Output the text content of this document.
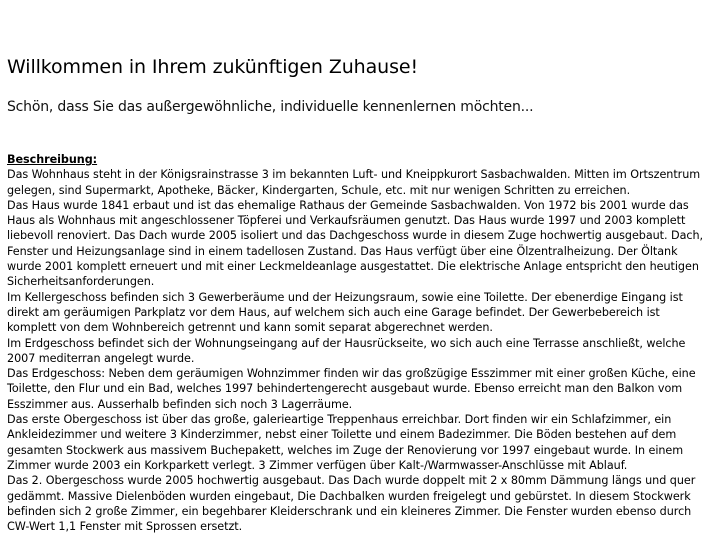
Willkommen in Ihrem zukünftigen Zuhause!
Schön, dass Sie das außergewöhnliche, individuelle kennenlernen möchten...
Beschreibung:
Das Wohnhaus steht in der Königsrainstrasse 3 im bekannten Luft- und Kneippkurort Sasbachwalden. Mitten im Ortszentrum
gelegen, sind Supermarkt, Apotheke, Bäcker, Kindergarten, Schule, etc. mit nur wenigen Schritten zu erreichen.
Das Haus wurde 1841 erbaut und ist das ehemalige Rathaus der Gemeinde Sasbachwalden. Von 1972 bis 2001 wurde das
Haus als Wohnhaus mit angeschlossener Töpferei und Verkaufsräumen genutzt. Das Haus wurde 1997 und 2003 komplett
liebevoll renoviert. Das Dach wurde 2005 isoliert und das Dachgeschoss wurde in diesem Zuge hochwertig ausgebaut. Dach,
Fenster und Heizungsanlage sind in einem tadellosen Zustand. Das Haus verfügt über eine Ölzentralheizung. Der Öltank
wurde 2001 komplett erneuert und mit einer Leckmeldeanlage ausgestattet. Die elektrische Anlage entspricht den heutigen
Sicherheitsanforderungen.
Im Kellergeschoss befinden sich 3 Gewerberäume und der Heizungsraum, sowie eine Toilette. Der ebenerdige Eingang ist
direkt am geräumigen Parkplatz vor dem Haus, auf welchem sich auch eine Garage befindet. Der Gewerbebereich ist
komplett von dem Wohnbereich getrennt und kann somit separat abgerechnet werden.
Im Erdgeschoss befindet sich der Wohnungseingang auf der Hausrückseite, wo sich auch eine Terrasse anschließt, welche
2007 mediterran angelegt wurde.
Das Erdgeschoss: Neben dem geräumigen Wohnzimmer finden wir das großzügige Esszimmer mit einer großen Küche, eine
Toilette, den Flur und ein Bad, welches 1997 behindertengerecht ausgebaut wurde. Ebenso erreicht man den Balkon vom
Esszimmer aus. Ausserhalb befinden sich noch 3 Lagerräume.
Das erste Obergeschoss ist über das große, galerieartige Treppenhaus erreichbar. Dort finden wir ein Schlafzimmer, ein
Ankleidezimmer und weitere 3 Kinderzimmer, nebst einer Toilette und einem Badezimmer. Die Böden bestehen auf dem
gesamten Stockwerk aus massivem Buchepakett, welches im Zuge der Renovierung vor 1997 eingebaut wurde. In einem
Zimmer wurde 2003 ein Korkparkett verlegt. 3 Zimmer verfügen über Kalt-/Warmwasser-Anschlüsse mit Ablauf.
Das 2. Obergeschoss wurde 2005 hochwertig ausgebaut. Das Dach wurde doppelt mit 2 x 80mm Dämmung längs und quer
gedämmt. Massive Dielenböden wurden eingebaut, Die Dachbalken wurden freigelegt und gebürstet. In diesem Stockwerk
befinden sich 2 große Zimmer, ein begehbarer Kleiderschrank und ein kleineres Zimmer. Die Fenster wurden ebenso durch
CW-Wert 1,1 Fenster mit Sprossen ersetzt.
